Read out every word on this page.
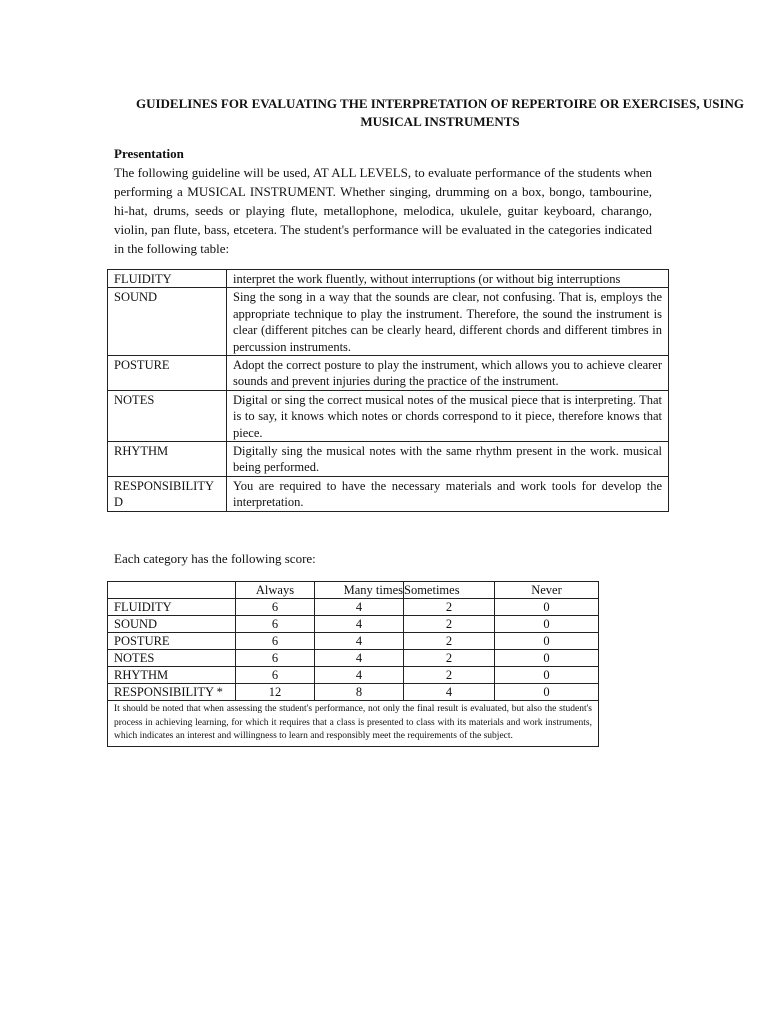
GUIDELINES FOR EVALUATING THE INTERPRETATION OF REPERTOIRE OR EXERCISES, USING MUSICAL INSTRUMENTS
Presentation
The following guideline will be used, AT ALL LEVELS, to evaluate performance of the students when performing a MUSICAL INSTRUMENT. Whether singing, drumming on a box, bongo, tambourine, hi-hat, drums, seeds or playing flute, metallophone, melodica, ukulele, guitar keyboard, charango, violin, pan flute, bass, etcetera. The student's performance will be evaluated in the categories indicated in the following table:
FLUIDITY	interpret the work fluently, without interruptions (or without big interruptions
SOUND	Sing the song in a way that the sounds are clear, not confusing. That is, employs the appropriate technique to play the instrument. Therefore, the sound the instrument is clear (different pitches can be clearly heard, different chords and different timbres in percussion instruments.
POSTURE	Adopt the correct posture to play the instrument, which allows you to achieve clearer sounds and prevent injuries during the practice of the instrument.
NOTES	Digital or sing the correct musical notes of the musical piece that is interpreting. That is to say, it knows which notes or chords correspond to it piece, therefore knows that piece.
RHYTHM	Digitally sing the musical notes with the same rhythm present in the work. musical being performed.
RESPONSIBILITYD	You are required to have the necessary materials and work tools for develop the interpretation.
Each category has the following score:
	Always	Many times	Sometimes	Never
FLUIDITY	6	4	2	0
SOUND	6	4	2	0
POSTURE	6	4	2	0
NOTES	6	4	2	0
RHYTHM	6	4	2	0
RESPONSIBILITY *	12	8	4	0
It should be noted that when assessing the student's performance, not only the final result is evaluated, but also the student's process in achieving learning, for which it requires that a class is presented to class with its materials and work instruments, which indicates an interest and willingness to learn and responsibly meet the requirements of the subject.				
